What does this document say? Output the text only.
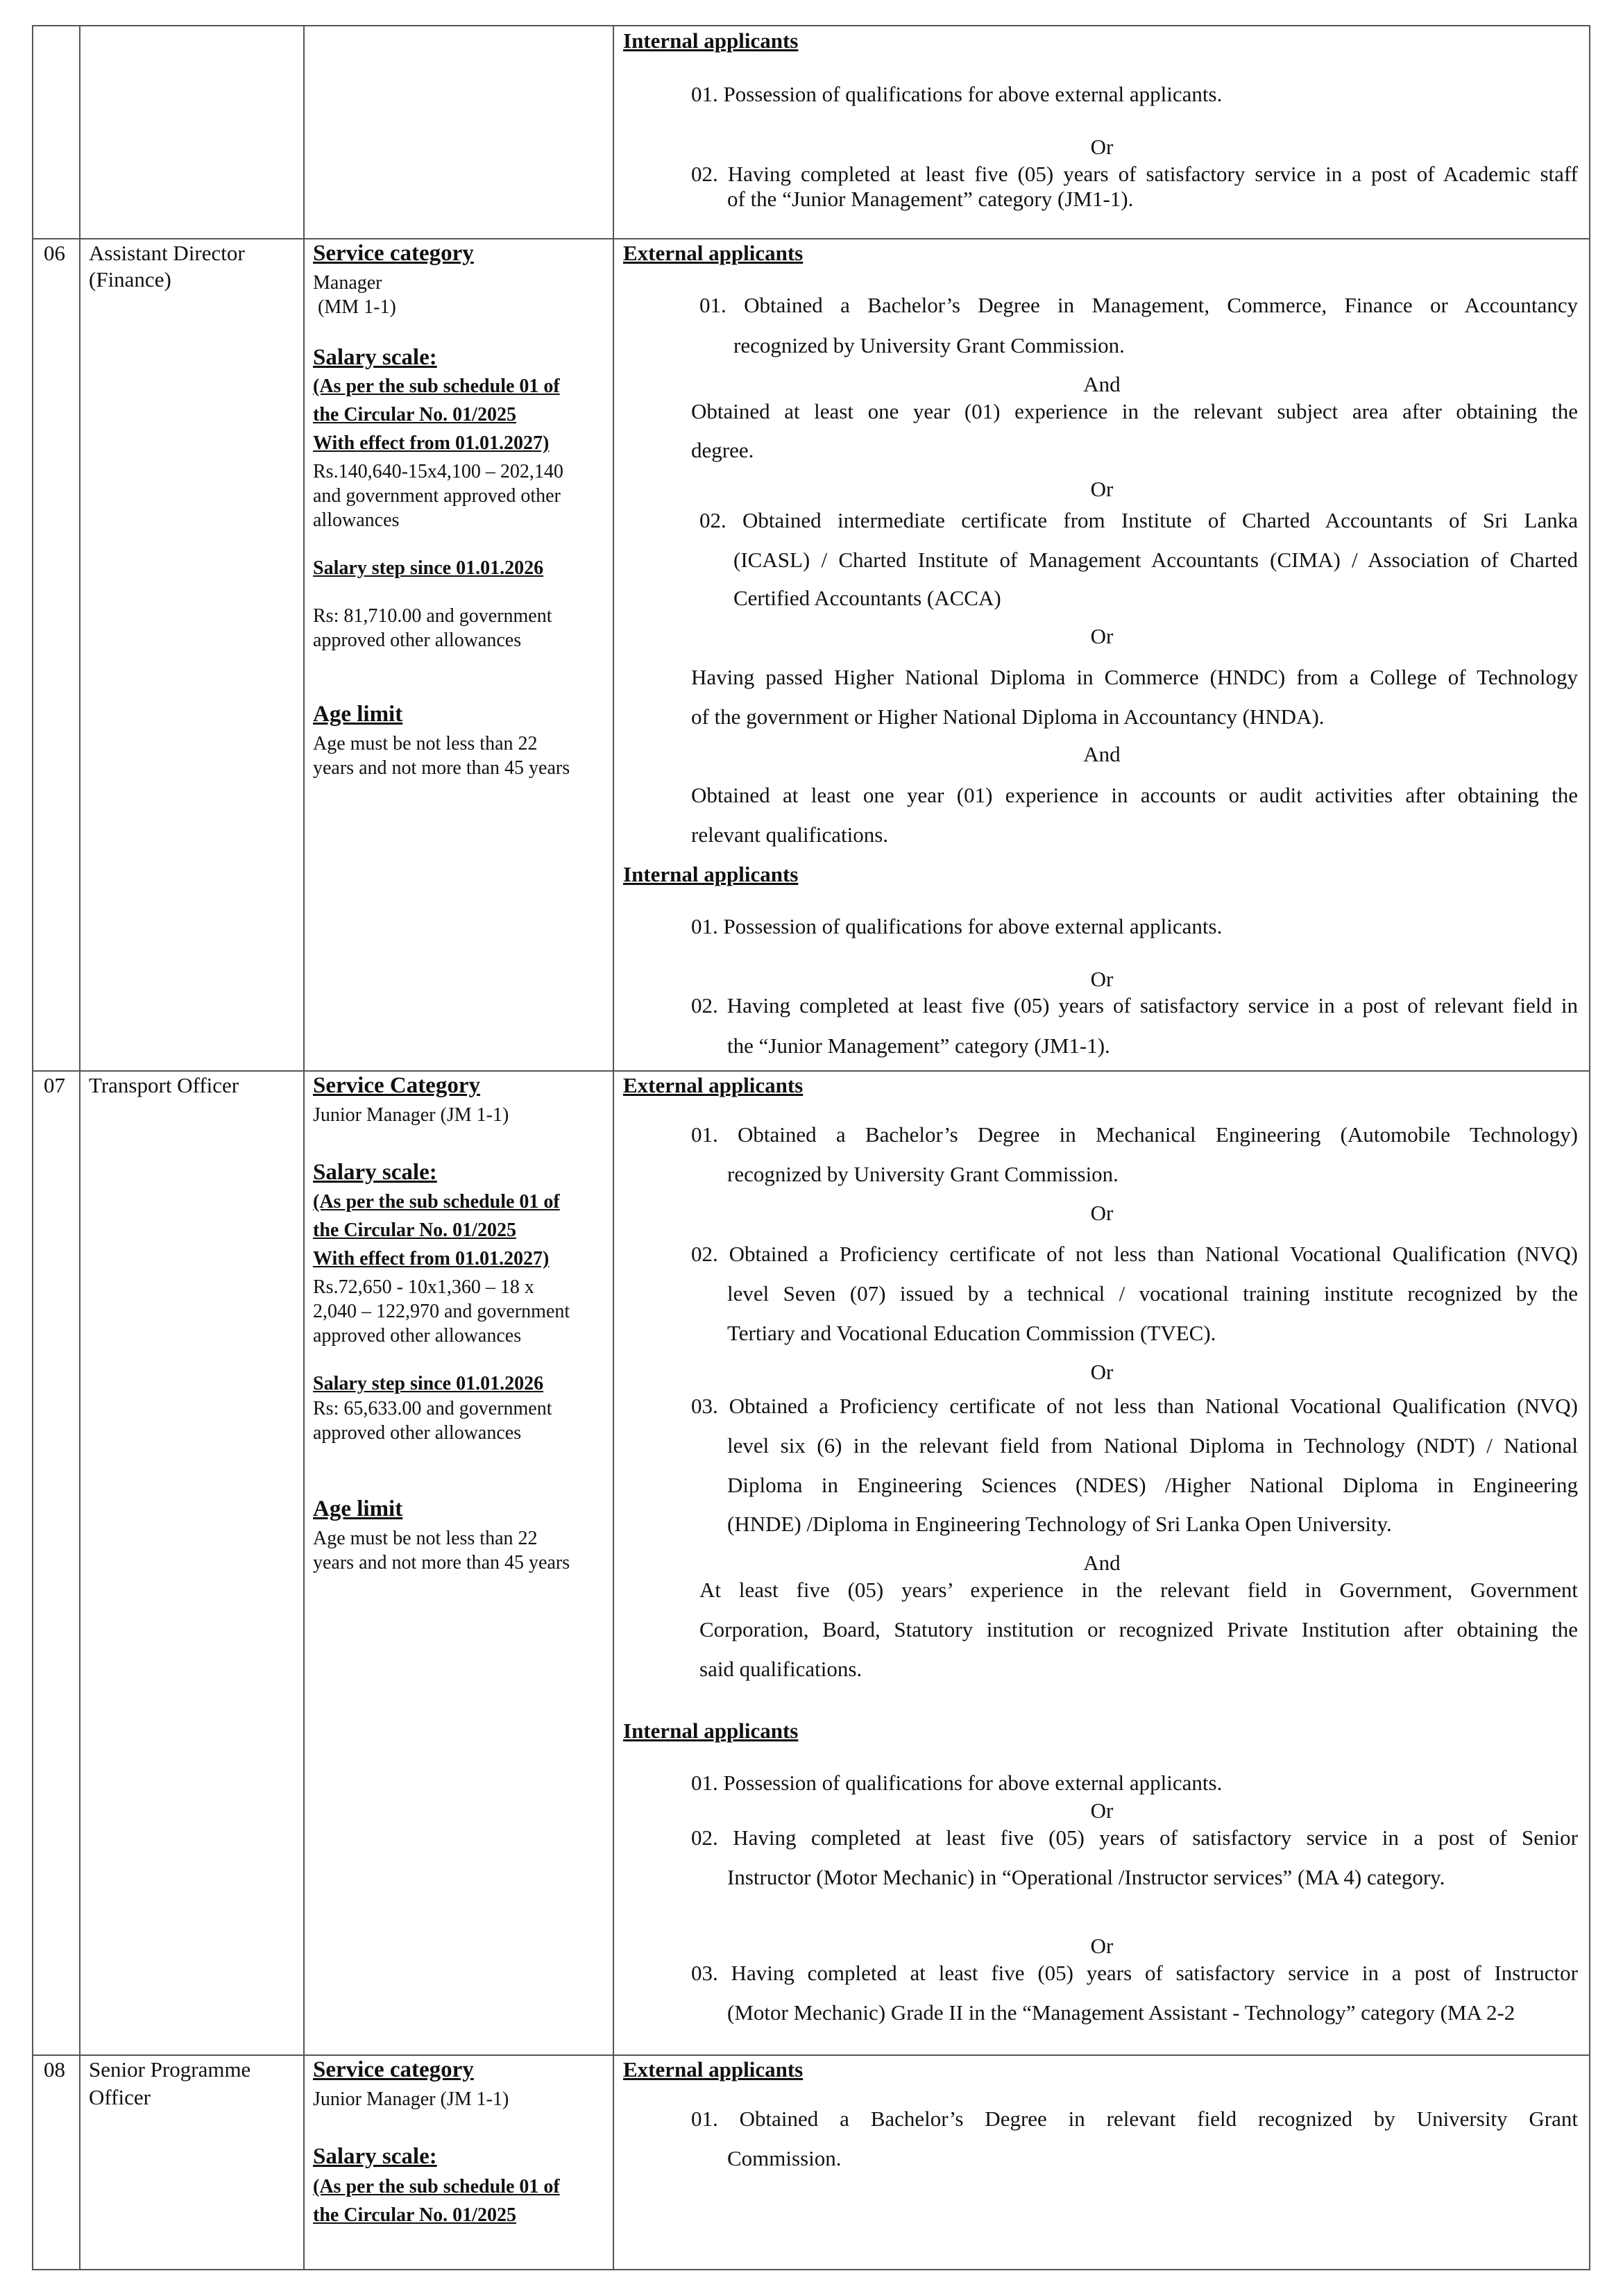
Internal applicants
01. Possession of qualifications for above external applicants.
Or
02. Having completed at least five (05) years of satisfactory service in a post of Academic staff
of the “Junior Management” category (JM1-1).
06 Assistant Director
(Finance)
Service category
Manager
(MM 1-1)
Salary scale:
(As per the sub schedule 01 of
the Circular No. 01/2025
With effect from 01.01.2027)
Rs.140,640-15x4,100 – 202,140
and government approved other
allowances
Salary step since 01.01.2026
Rs: 81,710.00 and government
approved other allowances
Age limit
Age must be not less than 22
years and not more than 45 years
External applicants
01. Obtained a Bachelor’s Degree in Management, Commerce, Finance or Accountancy
recognized by University Grant Commission.
And
Obtained at least one year (01) experience in the relevant subject area after obtaining the
degree.
Or
02. Obtained intermediate certificate from Institute of Charted Accountants of Sri Lanka
(ICASL) / Charted Institute of Management Accountants (CIMA) / Association of Charted
Certified Accountants (ACCA)
Or
Having passed Higher National Diploma in Commerce (HNDC) from a College of Technology
of the government or Higher National Diploma in Accountancy (HNDA).
And
Obtained at least one year (01) experience in accounts or audit activities after obtaining the
relevant qualifications.
Internal applicants
01. Possession of qualifications for above external applicants.
Or
02. Having completed at least five (05) years of satisfactory service in a post of relevant field in
the “Junior Management” category (JM1-1).
07 Transport Officer	Service Category
Junior Manager (JM 1-1)
Salary scale:
(As per the sub schedule 01 of
the Circular No. 01/2025
With effect from 01.01.2027)
Rs.72,650 - 10x1,360 – 18 x
2,040 – 122,970 and government
approved other allowances
Salary step since 01.01.2026
Rs: 65,633.00 and government
approved other allowances
Age limit
Age must be not less than 22
years and not more than 45 years
External applicants
01. Obtained a Bachelor’s Degree in Mechanical Engineering (Automobile Technology)
recognized by University Grant Commission.
Or
02. Obtained a Proficiency certificate of not less than National Vocational Qualification (NVQ)
level Seven (07) issued by a technical / vocational training institute recognized by the
Tertiary and Vocational Education Commission (TVEC).
Or
03. Obtained a Proficiency certificate of not less than National Vocational Qualification (NVQ)
level six (6) in the relevant field from National Diploma in Technology (NDT) / National
Diploma in Engineering Sciences (NDES) /Higher National Diploma in Engineering
(HNDE) /Diploma in Engineering Technology of Sri Lanka Open University.
And
At least five (05) years’ experience in the relevant field in Government, Government
Corporation, Board, Statutory institution or recognized Private Institution after obtaining the
said qualifications.
Internal applicants
01. Possession of qualifications for above external applicants.
Or
02. Having completed at least five (05) years of satisfactory service in a post of Senior
Instructor (Motor Mechanic) in “Operational /Instructor services” (MA 4) category.
Or
03. Having completed at least five (05) years of satisfactory service in a post of Instructor
(Motor Mechanic) Grade II in the “Management Assistant - Technology” category (MA 2-2
08 Senior Programme
Officer
Service category
Junior Manager (JM 1-1)
Salary scale:
(As per the sub schedule 01 of
the Circular No. 01/2025
External applicants
01. Obtained a Bachelor’s Degree in relevant field recognized by University Grant
Commission.
